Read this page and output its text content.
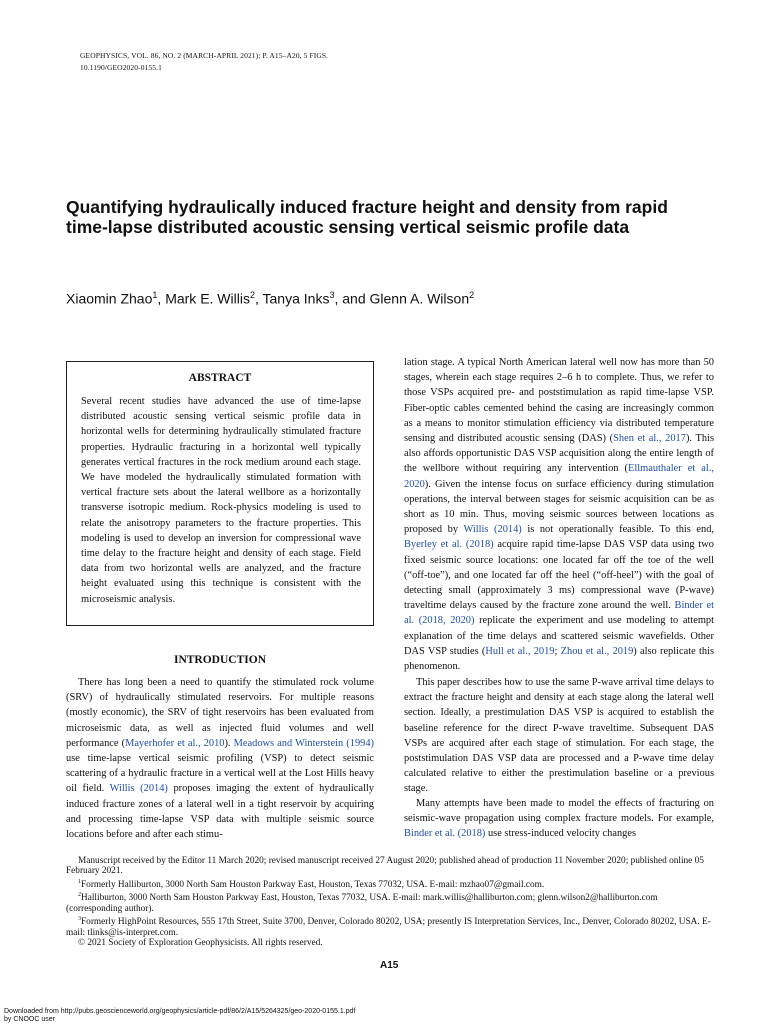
GEOPHYSICS, VOL. 86, NO. 2 (MARCH-APRIL 2021); P. A15–A20, 5 FIGS.
10.1190/GEO2020-0155.1
Quantifying hydraulically induced fracture height and density from rapid
time-lapse distributed acoustic sensing vertical seismic profile data
Xiaomin Zhao$^1$, Mark E. Willis$^2$, Tanya Inks$^3$, and Glenn A. Wilson$^2$
ABSTRACT

Several recent studies have advanced the use of time-lapse distributed acoustic sensing vertical seismic profile data in horizontal wells for determining hydraulically stimulated fracture properties. Hydraulic fracturing in a horizontal well typically generates vertical fractures in the rock medium around each stage. We have modeled the hydraulically stimulated formation with vertical fracture sets about the lateral wellbore as a horizontally transverse isotropic medium. Rock-physics modeling is used to relate the anisotropy parameters to the fracture properties. This modeling is used to develop an inversion for compressional wave time delay to the fracture height and density of each stage. Field data from two horizontal wells are analyzed, and the fracture height evaluated using this technique is consistent with the microseismic analysis.

INTRODUCTION

There has long been a need to quantify the stimulated rock volume (SRV) of hydraulically stimulated reservoirs. For multiple reasons (mostly economic), the SRV of tight reservoirs has been evaluated from microseismic data, as well as injected fluid volumes and well performance (Mayerhofer et al., 2010). Meadows and Winterstein (1994) use time-lapse vertical seismic profiling (VSP) to detect seismic scattering of a hydraulic fracture in a vertical well at the Lost Hills heavy oil field. Willis (2014) proposes imaging the extent of hydraulically induced fracture zones of a lateral well in a tight reservoir by acquiring and processing time-lapse VSP data with multiple seismic source locations before and after each stimu-

lation stage. A typical North American lateral well now has more than 50 stages, wherein each stage requires 2–6 h to complete. Thus, we refer to those VSPs acquired pre- and poststimulation as rapid time-lapse VSP. Fiber-optic cables cemented behind the casing are increasingly common as a means to monitor stimulation efficiency via distributed temperature sensing and distributed acoustic sensing (DAS) (Shen et al., 2017). This also affords opportunistic DAS VSP acquisition along the entire length of the wellbore without requiring any intervention (Ellmauthaler et al., 2020). Given the intense focus on surface efficiency during stimulation operations, the interval between stages for seismic acquisition can be as short as 10 min. Thus, moving seismic sources between locations as proposed by Willis (2014) is not operationally feasible. To this end, Byerley et al. (2018) acquire rapid time-lapse DAS VSP data using two fixed seismic source locations: one located far off the toe of the well (“off-toe”), and one located far off the heel (“off-heel”) with the goal of detecting small (approximately 3 ms) compressional wave (P-wave) traveltime delays caused by the fracture zone around the well. Binder et al. (2018, 2020) replicate the experiment and use modeling to attempt explanation of the time delays and scattered seismic wavefields. Other DAS VSP studies (Hull et al., 2019; Zhou et al., 2019) also replicate this phenomenon.

This paper describes how to use the same P-wave arrival time delays to extract the fracture height and density at each stage along the lateral well section. Ideally, a prestimulation DAS VSP is acquired to establish the baseline reference for the direct P-wave traveltime. Subsequent DAS VSPs are acquired after each stage of stimulation. For each stage, the poststimulation DAS VSP data are processed and a P-wave time delay calculated relative to either the prestimulation baseline or a previous stage.

Many attempts have been made to model the effects of fracturing on seismic-wave propagation using complex fracture models. For example, Binder et al. (2018) use stress-induced velocity changes

Manuscript received by the Editor 11 March 2020; revised manuscript received 27 August 2020; published ahead of production 11 November 2020; published online 05 February 2021.
$^1$Formerly Halliburton, 3000 North Sam Houston Parkway East, Houston, Texas 77032, USA. E-mail: mzhao07@gmail.com.
$^2$Halliburton, 3000 North Sam Houston Parkway East, Houston, Texas 77032, USA. E-mail: mark.willis@halliburton.com; glenn.wilson2@halliburton.com (corresponding author).
$^3$Formerly HighPoint Resources, 555 17th Street, Suite 3700, Denver, Colorado 80202, USA; presently IS Interpretation Services, Inc., Denver, Colorado 80202, USA. E-mail: tlinks@is-interpret.com.
© 2021 Society of Exploration Geophysicists. All rights reserved.
A15
Downloaded from http://pubs.geoscienceworld.org/geophysics/article-pdf/86/2/A15/5264325/geo-2020-0155.1.pdf
by CNOOC user
